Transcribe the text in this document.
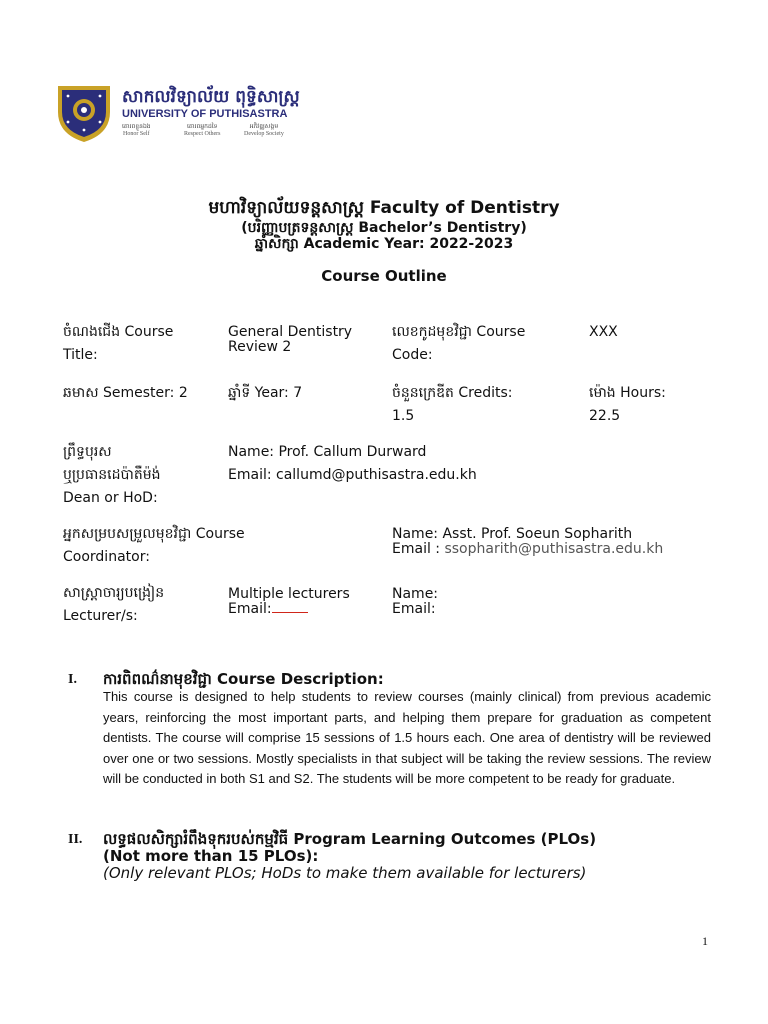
សាកលវិទ្យាល័យ ពុទ្ធិសាស្ត្រ
UNIVERSITY OF PUTHISASTRA
គោរពខ្លួនឯង
Honor Self
គោរពអ្នកដទៃ
Respect Others
អភិវឌ្ឍសង្គម
Develop Society
មហាវិទ្យាល័យទន្តសាស្ត្រ Faculty of Dentistry
(បរិញ្ញាបត្រទន្តសាស្ត្រ Bachelor’s Dentistry)
ឆ្នាំសិក្សា Academic Year: 2022-2023
Course Outline
ចំណងជើង Course
Title:
General Dentistry
Review 2
លេខកូដមុខវិជ្ជា Course
Code:
XXX
ឆមាស Semester: 2	ឆ្នាំទី Year: 7	ចំនួនក្រេឌីត Credits:
1.5
ម៉ោង Hours:
22.5
ព្រឹទ្ធបុរស
ឬប្រធានដេប៉ាតឺម៉ង់
Dean or HoD:
Name: Prof. Callum Durward
Email: callumd@puthisastra.edu.kh
អ្នកសម្របសម្រួលមុខវិជ្ជា Course
Coordinator:
Name: Asst. Prof. Soeun Sopharith
Email : ssopharith@puthisastra.edu.kh
សាស្ត្រាចារ្យបង្រៀន
Lecturer/s:
Multiple lecturers
Email:
Name:
Email:
I. ការពិពណ៌នាមុខវិជ្ជា Course Description:
This course is designed to help students to review courses (mainly clinical) from previous academic years, reinforcing the most important parts, and helping them prepare for graduation as competent dentists. The course will comprise 15 sessions of 1.5 hours each. One area of dentistry will be reviewed over one or two sessions. Mostly specialists in that subject will be taking the review sessions. The review will be conducted in both S1 and S2. The students will be more competent to be ready for graduate.
II. លទ្ធផលសិក្សារំពឹងទុករបស់កម្មវិធី Program Learning Outcomes (PLOs)
(Not more than 15 PLOs):
(Only relevant PLOs; HoDs to make them available for lecturers)
1
